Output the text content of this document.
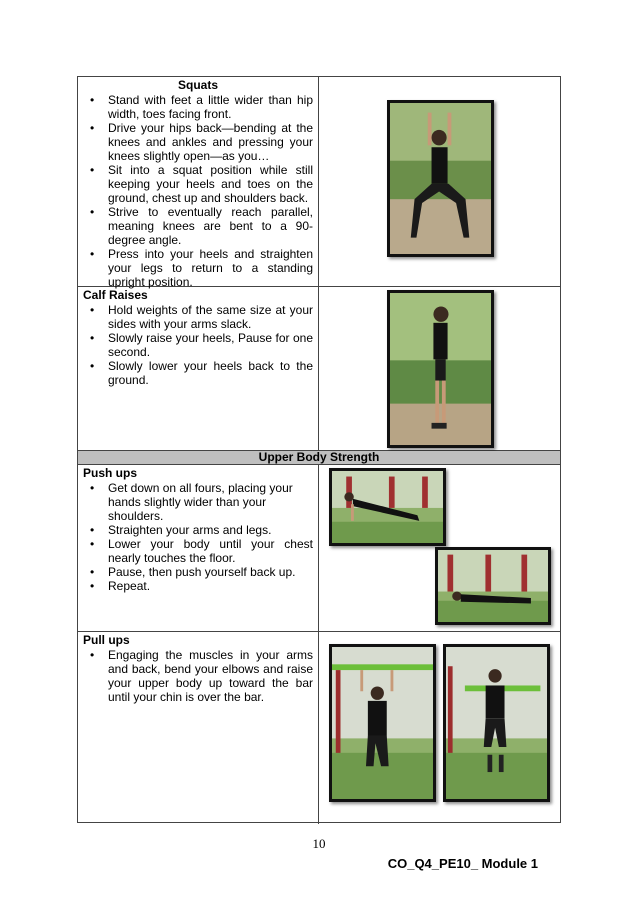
Squats
• Stand with feet a little wider than hip width, toes facing front.
• Drive your hips back—bending at the knees and ankles and pressing your knees slightly open—as you…
• Sit into a squat position while still keeping your heels and toes on the ground, chest up and shoulders back.
• Strive to eventually reach parallel, meaning knees are bent to a 90-degree angle.
• Press into your heels and straighten your legs to return to a standing upright position.
Calf Raises
• Hold weights of the same size at your sides with your arms slack.
• Slowly raise your heels, Pause for one second.
• Slowly lower your heels back to the ground.
Upper Body Strength
Push ups
• Get down on all fours, placing your hands slightly wider than your shoulders.
• Straighten your arms and legs.
• Lower your body until your chest nearly touches the floor.
• Pause, then push yourself back up.
• Repeat.
Pull ups
• Engaging the muscles in your arms and back, bend your elbows and raise your upper body up toward the bar until your chin is over the bar.
10
CO_Q4_PE10_ Module 1
